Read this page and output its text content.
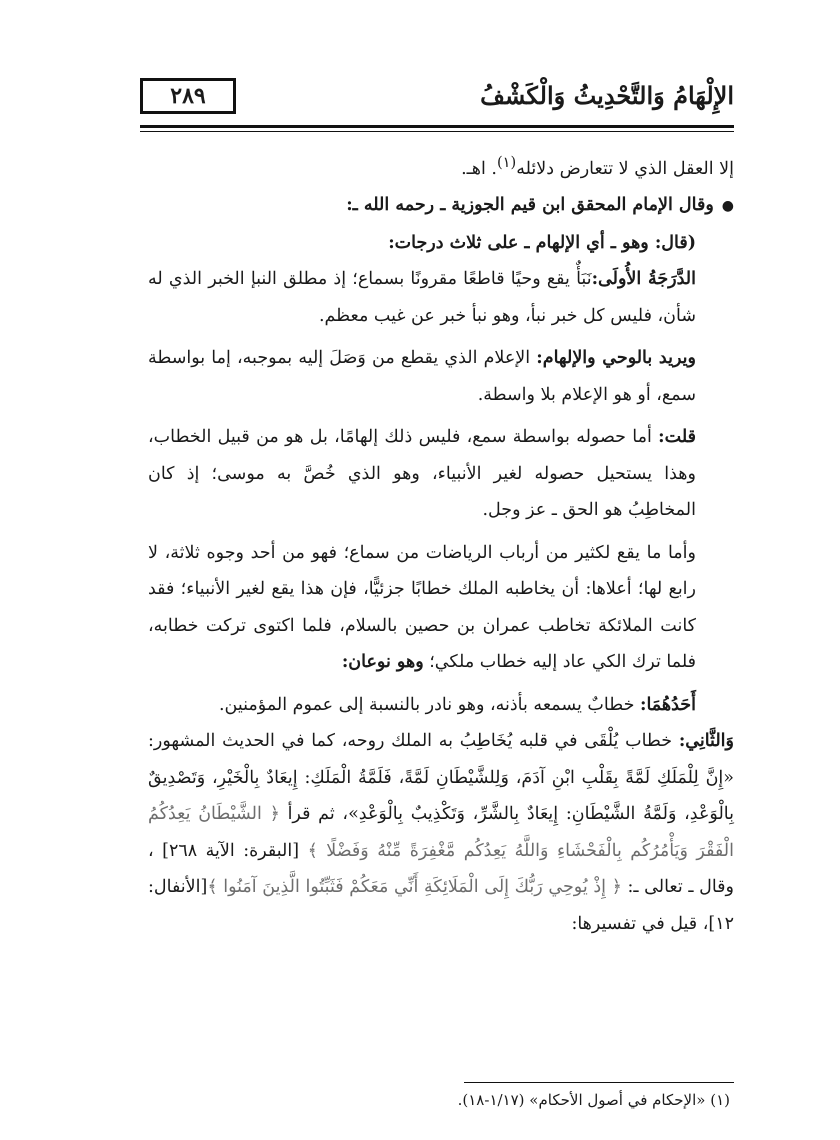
٢٨٩	الإِلْهَامُ وَالتَّحْدِيثُ وَالْكَشْفُ

إلا العقل الذي لا تتعارض دلائله$^{(١)}$. اهـ.

●وقال الإمام المحقق ابن قيم الجوزية ـ رحمه الله ـ:

(قال: وهو ـ أي الإلهام ـ على ثلاث درجات:

الدَّرَجَةُ الأُولَى:نَبَأٌ يقع وحيًا قاطعًا مقرونًا بسماع؛ إذ مطلق النبإ الخبر الذي له شأن، فليس كل خبر نبأ، وهو نبأ خبر عن غيب معظم.

ويريد بالوحي والإلهام: الإعلام الذي يقطع من وَصَلَ إليه بموجبه، إما بواسطة سمع، أو هو الإعلام بلا واسطة.

قلت: أما حصوله بواسطة سمع، فليس ذلك إلهامًا، بل هو من قبيل الخطاب، وهذا يستحيل حصوله لغير الأنبياء، وهو الذي خُصَّ به موسى؛ إذ كان المخاطِبُ هو الحق ـ عز وجل.

وأما ما يقع لكثير من أرباب الرياضات من سماع؛ فهو من أحد وجوه ثلاثة، لا رابع لها؛ أعلاها: أن يخاطبه الملك خطابًا جزئيًّا، فإن هذا يقع لغير الأنبياء؛ فقد كانت الملائكة تخاطب عمران بن حصين بالسلام، فلما اكتوى تركت خطابه، فلما ترك الكي عاد إليه خطاب ملكي؛ وهو نوعان:

أَحَدُهُمَا: خطابٌ يسمعه بأذنه، وهو نادر بالنسبة إلى عموم المؤمنين.

وَالثَّانِي: خطاب يُلْقَى في قلبه يُخَاطِبُ به الملك روحه، كما في الحديث المشهور: «إِنَّ لِلْمَلَكِ لَمَّةً بِقَلْبِ ابْنِ آدَمَ، وَلِلشَّيْطَانِ لَمَّةً، فَلَمَّةُ الْمَلَكِ: إِيعَادٌ بِالْخَيْرِ، وَتَصْدِيقٌ بِالْوَعْدِ، وَلَمَّةُ الشَّيْطَانِ: إِيعَادٌ بِالشَّرِّ، وَتَكْذِيبٌ بِالْوَعْدِ»، ثم قرأ ﴿ الشَّيْطَانُ يَعِدُكُمُ الْفَقْرَ وَيَأْمُرُكُم بِالْفَحْشَاءِ وَاللَّهُ يَعِدُكُم مَّغْفِرَةً مِّنْهُ وَفَضْلًا ﴾ [البقرة: الآية ٢٦٨] ، وقال ـ تعالى ـ: ﴿ إِذْ يُوحِي رَبُّكَ إِلَى الْمَلَائِكَةِ أَنِّي مَعَكُمْ فَثَبِّتُوا الَّذِينَ آمَنُوا ﴾[الأنفال: ١٢]، قيل في تفسيرها:

(١) «الإحكام في أصول الأحكام» (١/١٧-١٨).
